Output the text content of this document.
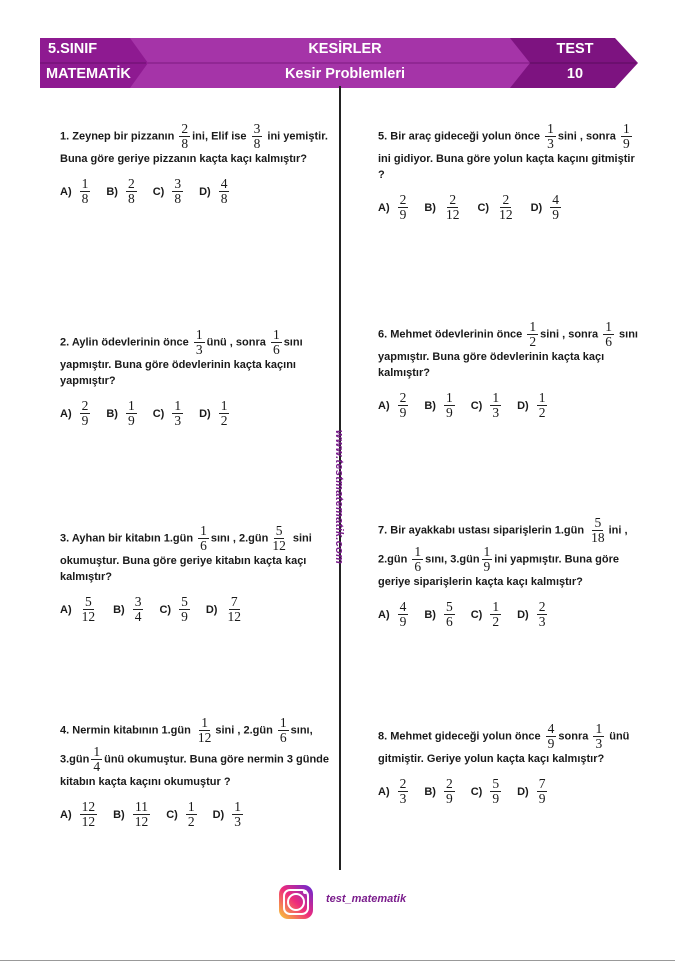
5.SINIF
MATEMATİK
KESİRLER
Kesir Problemleri
TEST
10
www.testmatematik.com
1. Zeynep bir pizzanın $\frac{2}{8}$ ini, Elif ise $\frac{3}{8}$ ini yemiştir. Buna göre geriye pizzanın kaçta kaçı kalmıştır?
$A) \frac{1}{8} B) \frac{2}{8} C) \frac{3}{8} D) \frac{4}{8}$
2. Aylin ödevlerinin önce $\frac{1}{3}$ ünü , sonra $\frac{1}{6}$ sını yapmıştır. Buna göre ödevlerinin kaçta kaçını yapmıştır?
$A) \frac{2}{9} B) \frac{1}{9} C) \frac{1}{3} D) \frac{1}{2}$
3. Ayhan bir kitabın 1.gün $\frac{1}{6}$ sını , 2.gün $\frac{5}{12}$ sini okumuştur. Buna göre geriye kitabın kaçta kaçı kalmıştır?
$A) \frac{5}{12} B) \frac{3}{4} C) \frac{5}{9} D) \frac{7}{12}$
4. Nermin kitabının 1.gün $\frac{1}{12}$ sini , 2.gün $\frac{1}{6}$ sını, 3.gün $\frac{1}{4}$ ünü okumuştur. Buna göre nermin 3 günde kitabın kaçta kaçını okumuştur ?
$A) \frac{12}{12} B) \frac{11}{12} C) \frac{1}{2} D) \frac{1}{3}$
5. Bir araç gideceği yolun önce $\frac{1}{3}$ sini , sonra $\frac{1}{9}$
ini gidiyor. Buna göre yolun kaçta kaçını gitmiştir ?
$A) \frac{2}{9} B) \frac{2}{12} C) \frac{2}{12} D) \frac{4}{9}$
6. Mehmet ödevlerinin önce $\frac{1}{2}$ sini , sonra $\frac{1}{6}$ sını yapmıştır. Buna göre ödevlerinin kaçta kaçı kalmıştır?
$A) \frac{2}{9} B) \frac{1}{9} C) \frac{1}{3} D) \frac{1}{2}$
7. Bir ayakkabı ustası siparişlerin 1.gün $\frac{5}{18}$ ini , 2.gün $\frac{1}{6}$ sını, 3.gün $\frac{1}{9}$ ini yapmıştır. Buna göre geriye siparişlerin kaçta kaçı kalmıştır?
$A) \frac{4}{9} B) \frac{5}{6} C) \frac{1}{2} D) \frac{2}{3}$
8. Mehmet gideceği yolun önce $\frac{4}{9}$ sonra $\frac{1}{3}$ ünü gitmiştir. Geriye yolun kaçta kaçı kalmıştır?
$A) \frac{2}{3} B) \frac{2}{9} C) \frac{5}{9} D) \frac{7}{9}$
test_matematik
